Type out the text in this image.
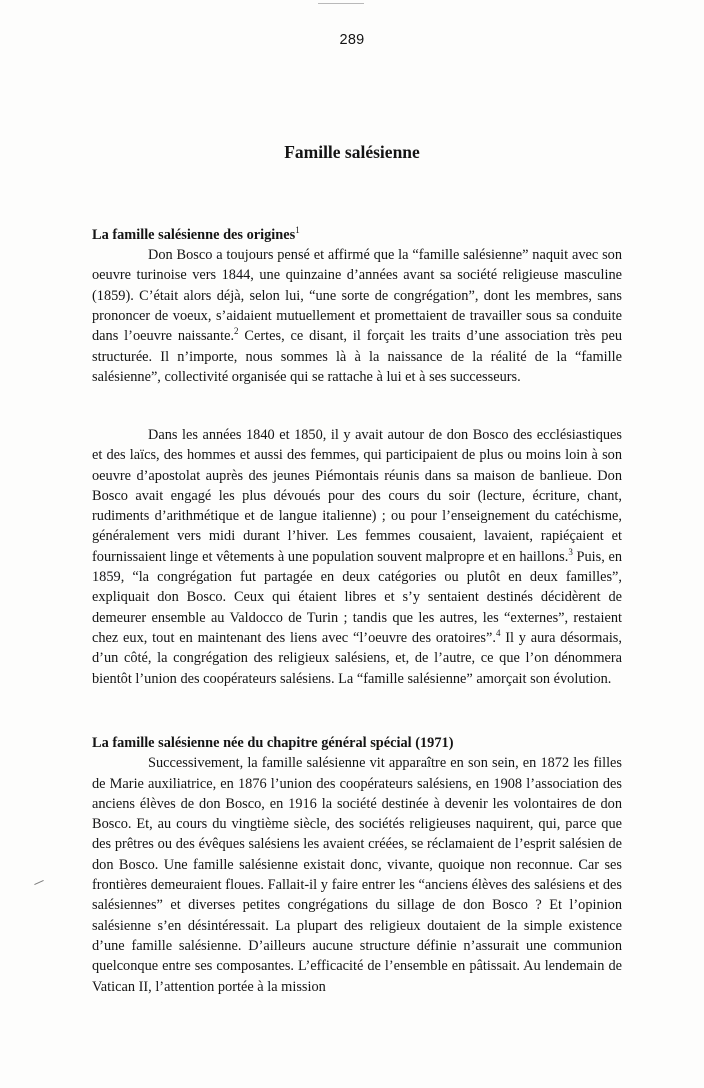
289
Famille salésienne
La famille salésienne des origines$^1$

Don Bosco a toujours pensé et affirmé que la “famille salésienne” naquit avec son oeuvre turinoise vers 1844, une quinzaine d’années avant sa société religieuse masculine (1859). C’était alors déjà, selon lui, “une sorte de congrégation”, dont les membres, sans prononcer de voeux, s’aidaient mutuellement et promettaient de travailler sous sa conduite dans l’oeuvre naissante.$^2$ Certes, ce disant, il forçait les traits d’une association très peu structurée. Il n’importe, nous sommes là à la naissance de la réalité de la “famille salésienne”, collectivité organisée qui se rattache à lui et à ses successeurs.

Dans les années 1840 et 1850, il y avait autour de don Bosco des ecclésiastiques et des laïcs, des hommes et aussi des femmes, qui participaient de plus ou moins loin à son oeuvre d’apostolat auprès des jeunes Piémontais réunis dans sa maison de banlieue. Don Bosco avait engagé les plus dévoués pour des cours du soir (lecture, écriture, chant, rudiments d’arithmétique et de langue italienne) ; ou pour l’enseignement du catéchisme, généralement vers midi durant l’hiver. Les femmes cousaient, lavaient, rapiéçaient et fournissaient linge et vêtements à une population souvent malpropre et en haillons.$^3$ Puis, en 1859, “la congrégation fut partagée en deux catégories ou plutôt en deux familles”, expliquait don Bosco. Ceux qui étaient libres et s’y sentaient destinés décidèrent de demeurer ensemble au Valdocco de Turin ; tandis que les autres, les “externes”, restaient chez eux, tout en maintenant des liens avec “l’oeuvre des oratoires”.$^4$ Il y aura désormais, d’un côté, la congrégation des religieux salésiens, et, de l’autre, ce que l’on dénommera bientôt l’union des coopérateurs salésiens. La “famille salésienne” amorçait son évolution.

La famille salésienne née du chapitre général spécial (1971)

Successivement, la famille salésienne vit apparaître en son sein, en 1872 les filles de Marie auxiliatrice, en 1876 l’union des coopérateurs salésiens, en 1908 l’association des anciens élèves de don Bosco, en 1916 la société destinée à devenir les volontaires de don Bosco. Et, au cours du vingtième siècle, des sociétés religieuses naquirent, qui, parce que des prêtres ou des évêques salésiens les avaient créées, se réclamaient de l’esprit salésien de don Bosco. Une famille salésienne existait donc, vivante, quoique non reconnue. Car ses frontières demeuraient floues. Fallait-il y faire entrer les “anciens élèves des salésiens et des salésiennes” et diverses petites congrégations du sillage de don Bosco ? Et l’opinion salésienne s’en désintéressait. La plupart des religieux doutaient de la simple existence d’une famille salésienne. D’ailleurs aucune structure définie n’assurait une communion quelconque entre ses composantes. L’efficacité de l’ensemble en pâtissait. Au lendemain de Vatican II, l’attention portée à la mission
